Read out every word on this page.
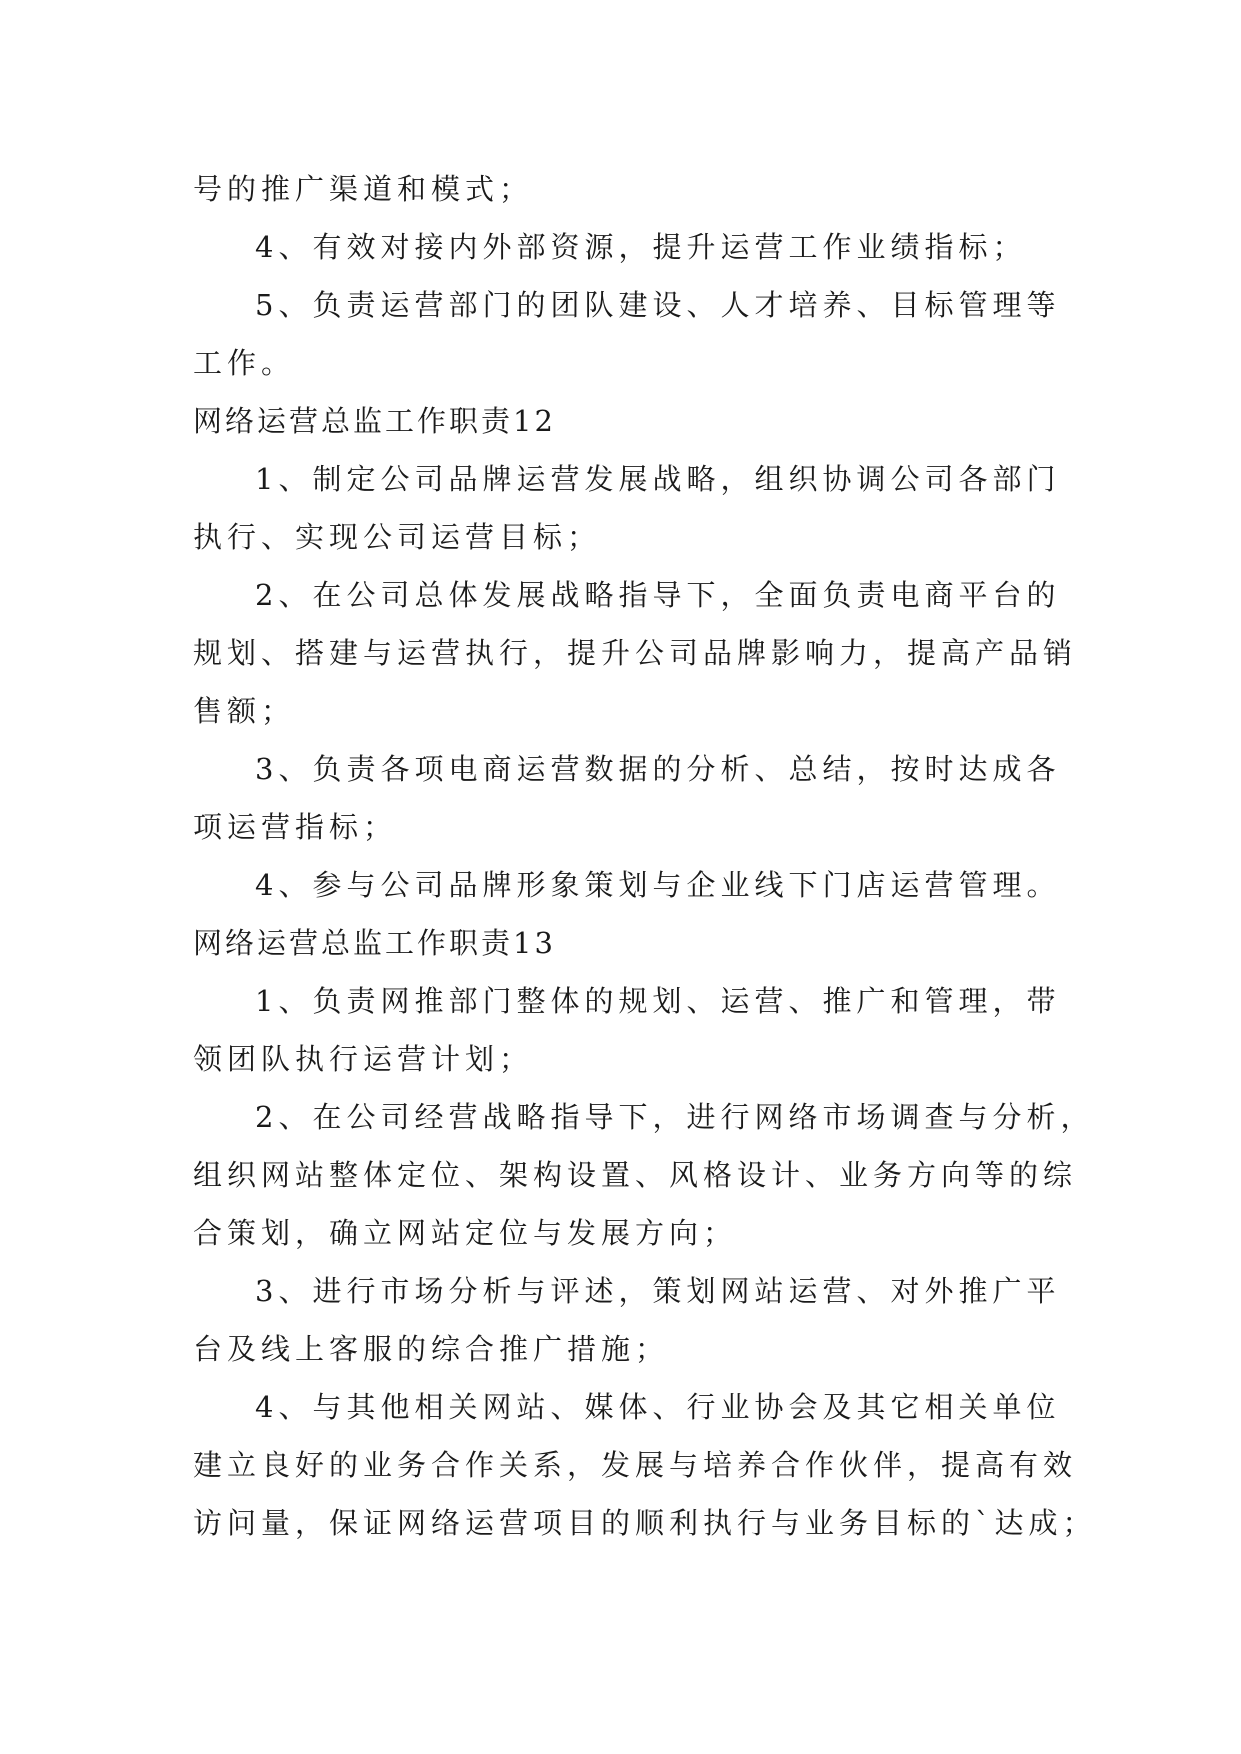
号的推广渠道和模式；
4、有效对接内外部资源，提升运营工作业绩指标；
5、负责运营部门的团队建设、人才培养、目标管理等
工作。
网络运营总监工作职责12
1、制定公司品牌运营发展战略，组织协调公司各部门
执行、实现公司运营目标；
2、在公司总体发展战略指导下，全面负责电商平台的
规划、搭建与运营执行，提升公司品牌影响力，提高产品销
售额；
3、负责各项电商运营数据的分析、总结，按时达成各
项运营指标；
4、参与公司品牌形象策划与企业线下门店运营管理。
网络运营总监工作职责13
1、负责网推部门整体的规划、运营、推广和管理，带
领团队执行运营计划；
2、在公司经营战略指导下，进行网络市场调查与分析，
组织网站整体定位、架构设置、风格设计、业务方向等的综
合策划，确立网站定位与发展方向；
3、进行市场分析与评述，策划网站运营、对外推广平
台及线上客服的综合推广措施；
4、与其他相关网站、媒体、行业协会及其它相关单位
建立良好的业务合作关系，发展与培养合作伙伴，提高有效
访问量，保证网络运营项目的顺利执行与业务目标的`达成；
